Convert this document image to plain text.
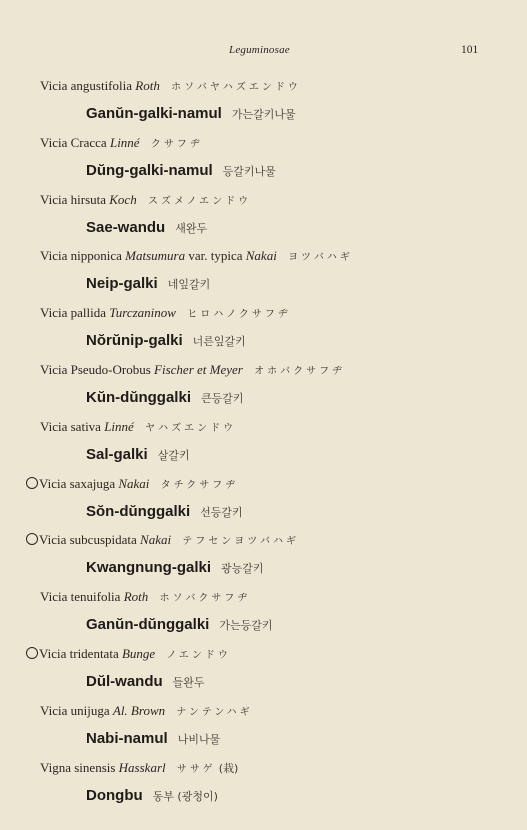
Leguminosae	101
Vicia angustifolia Roth ホソバヤハズエンドウ
Ganŭn-galki-namul 가는갈키나물
Vicia Cracca Linné クサフヂ
Dŭng-galki-namul 등갈키나물
Vicia hirsuta Koch スズメノエンドウ
Sae-wandu 새완두
Vicia nipponica Matsumura var. typica Nakai ヨツバハギ
Neip-galki 네잎갈키
Vicia pallida Turczaninow ヒロハノクサフヂ
Nŏrŭnip-galki 너른잎갈키
Vicia Pseudo-Orobus Fischer et Meyer オホバクサフヂ
Kŭn-dŭnggalki 큰등갈키
Vicia sativa Linné ヤハズエンドウ
Sal-galki 살갈키
Vicia saxajuga Nakai タチクサフヂ
Sŏn-dŭnggalki 선등갈키
Vicia subcuspidata Nakai テフセンヨツバハギ
Kwangnung-galki 광능갈키
Vicia tenuifolia Roth ホソバクサフヂ
Ganŭn-dŭnggalki 가는등갈키
Vicia tridentata Bunge ノエンドウ
Dŭl-wandu 들완두
Vicia unijuga Al. Brown ナンテンハギ
Nabi-namul 나비나물
Vigna sinensis Hasskarl ササゲ (栽)
Dongbu 동부 (광청이)
